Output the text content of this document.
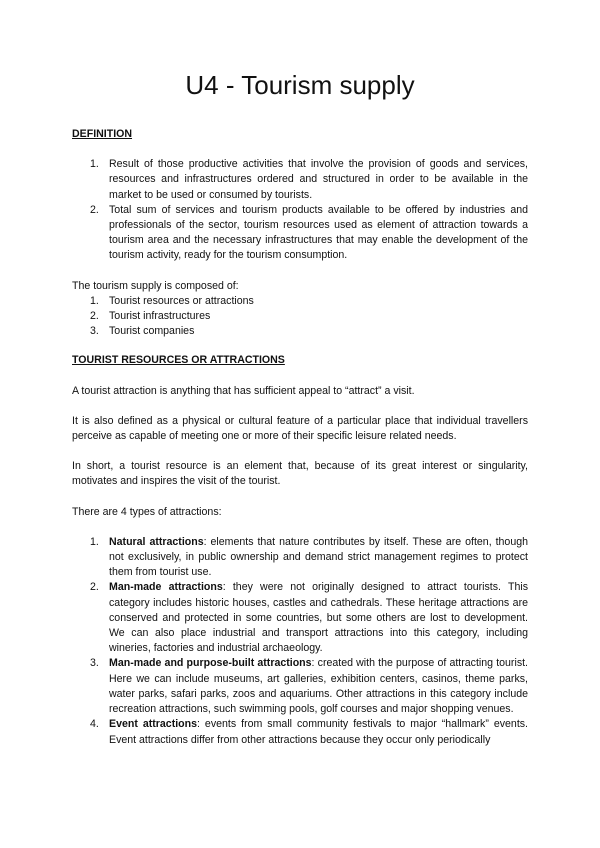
U4 - Tourism supply

DEFINITION

1. Result of those productive activities that involve the provision of goods and services, resources and infrastructures ordered and structured in order to be available in the market to be used or consumed by tourists.
2. Total sum of services and tourism products available to be offered by industries and professionals of the sector, tourism resources used as element of attraction towards a tourism area and the necessary infrastructures that may enable the development of the tourism activity, ready for the tourism consumption.

The tourism supply is composed of:

1. Tourist resources or attractions
2. Tourist infrastructures
3. Tourist companies

TOURIST RESOURCES OR ATTRACTIONS

A tourist attraction is anything that has sufficient appeal to “attract” a visit.

It is also defined as a physical or cultural feature of a particular place that individual travellers perceive as capable of meeting one or more of their specific leisure related needs.

In short, a tourist resource is an element that, because of its great interest or singularity, motivates and inspires the visit of the tourist.

There are 4 types of attractions:

1. Natural attractions: elements that nature contributes by itself. These are often, though not exclusively, in public ownership and demand strict management regimes to protect them from tourist use.
2. Man-made attractions: they were not originally designed to attract tourists. This category includes historic houses, castles and cathedrals. These heritage attractions are conserved and protected in some countries, but some others are lost to development. We can also place industrial and transport attractions into this category, including wineries, factories and industrial archaeology.
3. Man-made and purpose-built attractions: created with the purpose of attracting tourist. Here we can include museums, art galleries, exhibition centers, casinos, theme parks, water parks, safari parks, zoos and aquariums. Other attractions in this category include recreation attractions, such swimming pools, golf courses and major shopping venues.
4. Event attractions: events from small community festivals to major “hallmark” events. Event attractions differ from other attractions because they occur only periodically
